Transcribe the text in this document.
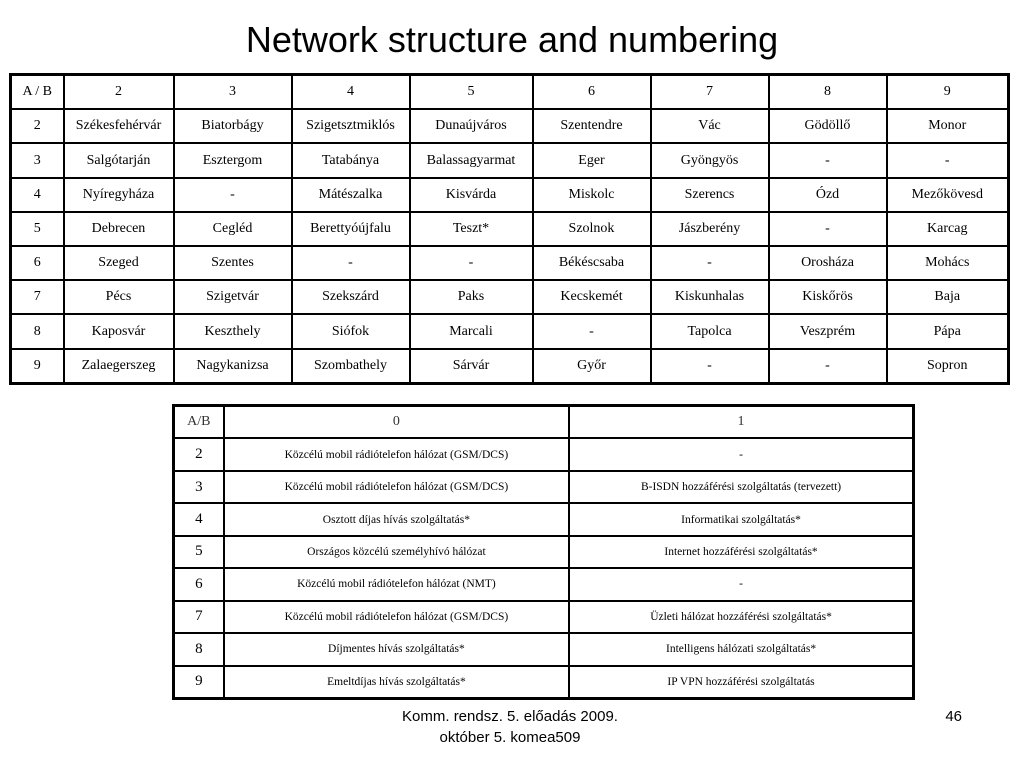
Network structure and numbering
A / B	2	3	4	5	6	7	8	9
2	Székesfehérvár	Biatorbágy	Szigetsztmiklós	Dunaújváros	Szentendre	Vác	Gödöllő	Monor
3	Salgótarján	Esztergom	Tatabánya	Balassagyarmat	Eger	Gyöngyös	-	-
4	Nyíregyháza	-	Mátészalka	Kisvárda	Miskolc	Szerencs	Ózd	Mezőkövesd
5	Debrecen	Cegléd	Berettyóújfalu	Teszt*	Szolnok	Jászberény	-	Karcag
6	Szeged	Szentes	-	-	Békéscsaba	-	Orosháza	Mohács
7	Pécs	Szigetvár	Szekszárd	Paks	Kecskemét	Kiskunhalas	Kiskőrös	Baja
8	Kaposvár	Keszthely	Siófok	Marcali	-	Tapolca	Veszprém	Pápa
9	Zalaegerszeg	Nagykanizsa	Szombathely	Sárvár	Győr	-	-	Sopron
A/B	0	1
2	Közcélú mobil rádiótelefon hálózat (GSM/DCS)	-
3	Közcélú mobil rádiótelefon hálózat (GSM/DCS)	B-ISDN hozzáférési szolgáltatás (tervezett)
4	Osztott díjas hívás szolgáltatás*	Informatikai szolgáltatás*
5	Országos közcélú személyhívó hálózat	Internet hozzáférési szolgáltatás*
6	Közcélú mobil rádiótelefon hálózat (NMT)	-
7	Közcélú mobil rádiótelefon hálózat (GSM/DCS)	Üzleti hálózat hozzáférési szolgáltatás*
8	Díjmentes hívás szolgáltatás*	Intelligens hálózati szolgáltatás*
9	Emeltdíjas hívás szolgáltatás*	IP VPN hozzáférési szolgáltatás
Komm. rendsz. 5. előadás 2009.
október 5. komea509
46
